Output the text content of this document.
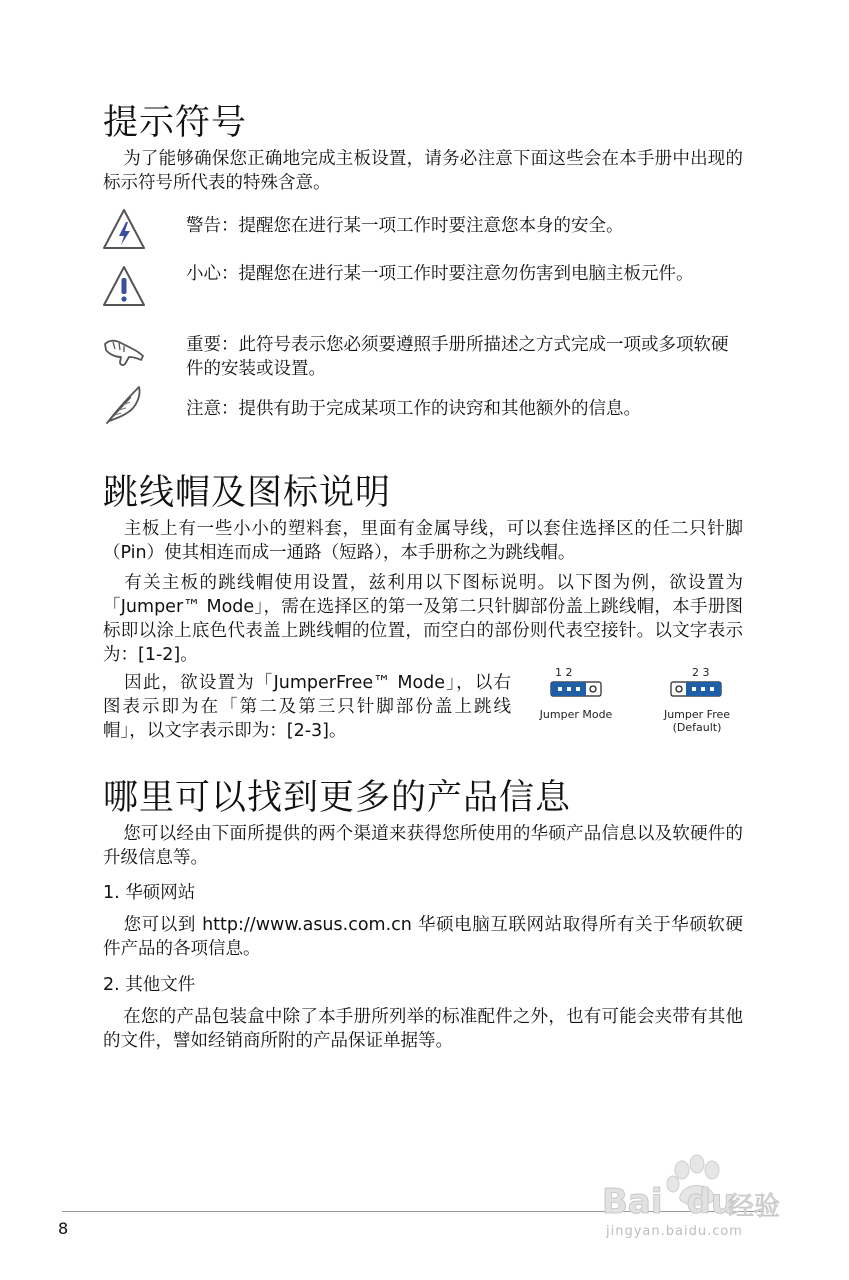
提示符号

为了能够确保您正确地完成主板设置，请务必注意下面这些会在本手册中出现的标示符号所代表的特殊含意。

警告：提醒您在进行某一项工作时要注意您本身的安全。

小心：提醒您在进行某一项工作时要注意勿伤害到电脑主板元件。

重要：此符号表示您必须要遵照手册所描述之方式完成一项或多项软硬件的安装或设置。

注意：提供有助于完成某项工作的诀窍和其他额外的信息。

跳线帽及图标说明

主板上有一些小小的塑料套，里面有金属导线，可以套住选择区的任二只针脚（Pin）使其相连而成一通路（短路），本手册称之为跳线帽。

有关主板的跳线帽使用设置，兹利用以下图标说明。以下图为例，欲设置为「Jumper™ Mode」，需在选择区的第一及第二只针脚部份盖上跳线帽，本手册图标即以涂上底色代表盖上跳线帽的位置，而空白的部份则代表空接针。以文字表示为：[1-2]。

因此，欲设置为「JumperFree™ Mode」，以右图表示即为在「第二及第三只针脚部份盖上跳线帽」，以文字表示即为：[2-3]。

1 2
Jumper Mode
2 3
Jumper Free
(Default)
哪里可以找到更多的产品信息

您可以经由下面所提供的两个渠道来获得您所使用的华硕产品信息以及软硬件的升级信息等。

1. 华硕网站

您可以到 http://www.asus.com.cn 华硕电脑互联网站取得所有关于华硕软硬件产品的各项信息。

2. 其他文件

在您的产品包装盒中除了本手册所列举的标准配件之外，也有可能会夹带有其他的文件，譬如经销商所附的产品保证单据等。

8
Bai du
经验
jingyan.baidu.com
